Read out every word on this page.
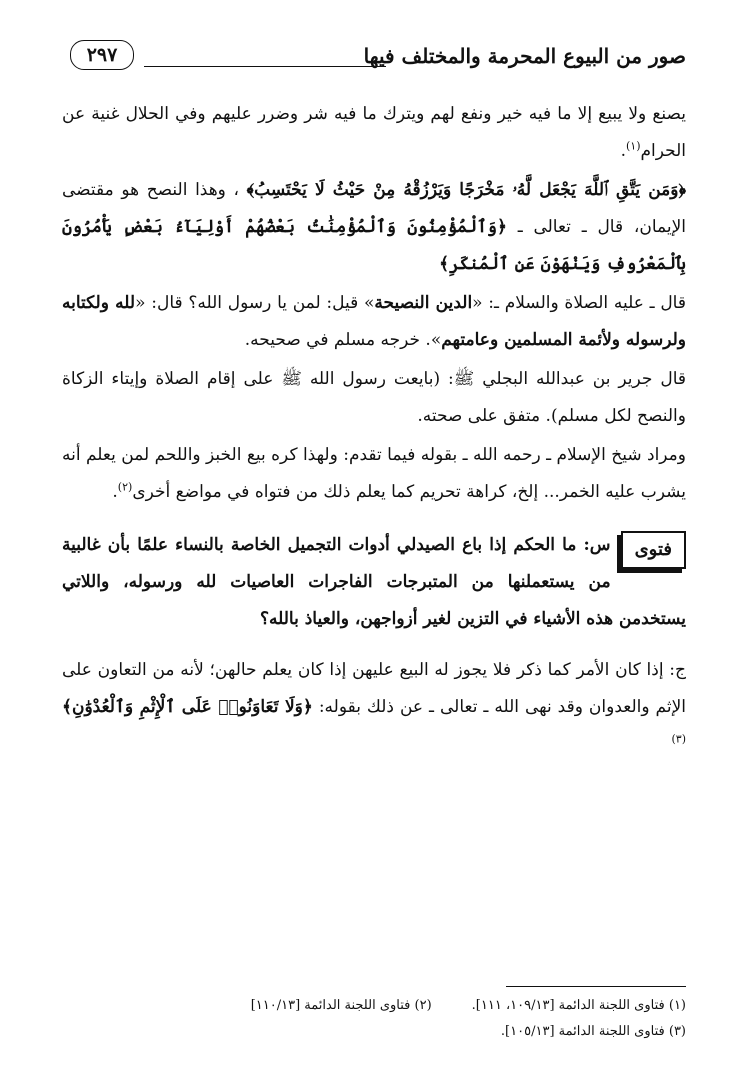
صور من البيوع المحرمة والمختلف فيها
٢٩٧

يصنع ولا يبيع إلا ما فيه خير ونفع لهم ويترك ما فيه شر وضرر عليهم وفي الحلال غنية عن الحرام$^{(١)}$.

﴿وَمَن يَتَّقِ ٱللَّهَ يَجْعَل لَّهُۥ مَخْرَجًا وَيَرْزُقْهُ مِنْ حَيْثُ لَا يَحْتَسِبُ﴾ ، وهذا النصح هو مقتضى الإيمان، قال ـ تعالى ـ ﴿وَٱلْمُؤْمِنُونَ وَٱلْمُؤْمِنَٰتُ بَعْضُهُمْ أَوْلِيَآءُ بَعْضٍ يَأْمُرُونَ بِٱلْمَعْرُوفِ وَيَنْهَوْنَ عَنِ ٱلْمُنكَرِ﴾

قال ـ عليه الصلاة والسلام ـ: «الدين النصيحة» قيل: لمن يا رسول الله؟ قال: «لله ولكتابه ولرسوله ولأئمة المسلمين وعامتهم». خرجه مسلم في صحيحه.

قال جرير بن عبدالله البجلي ﷺ: (بايعت رسول الله ﷺ على إقام الصلاة وإيتاء الزكاة والنصح لكل مسلم). متفق على صحته.

ومراد شيخ الإسلام ـ رحمه الله ـ بقوله فيما تقدم: ولهذا كره بيع الخبز واللحم لمن يعلم أنه يشرب عليه الخمر... إلخ، كراهة تحريم كما يعلم ذلك من فتواه في مواضع أخرى$^{(٢)}$.

فتوى
س: ما الحكم إذا باع الصيدلي أدوات التجميل الخاصة بالنساء علمًا بأن غالبية من يستعملنها من المتبرجات الفاجرات العاصيات لله ورسوله، واللاتي يستخدمن هذه الأشياء في التزين لغير أزواجهن، والعياذ بالله؟

ج: إذا كان الأمر كما ذكر فلا يجوز له البيع عليهن إذا كان يعلم حالهن؛ لأنه من التعاون على الإثم والعدوان وقد نهى الله ـ تعالى ـ عن ذلك بقوله: ﴿وَلَا تَعَاوَنُوا۟ عَلَى ٱلْإِثْمِ وَٱلْعُدْوَٰنِ﴾$^{(٣)}$

(١) فتاوى اللجنة الدائمة [١٠٩/١٣، ١١١].(٢) فتاوى اللجنة الدائمة [١١٠/١٣]
(٣) فتاوى اللجنة الدائمة [١٠٥/١٣].
